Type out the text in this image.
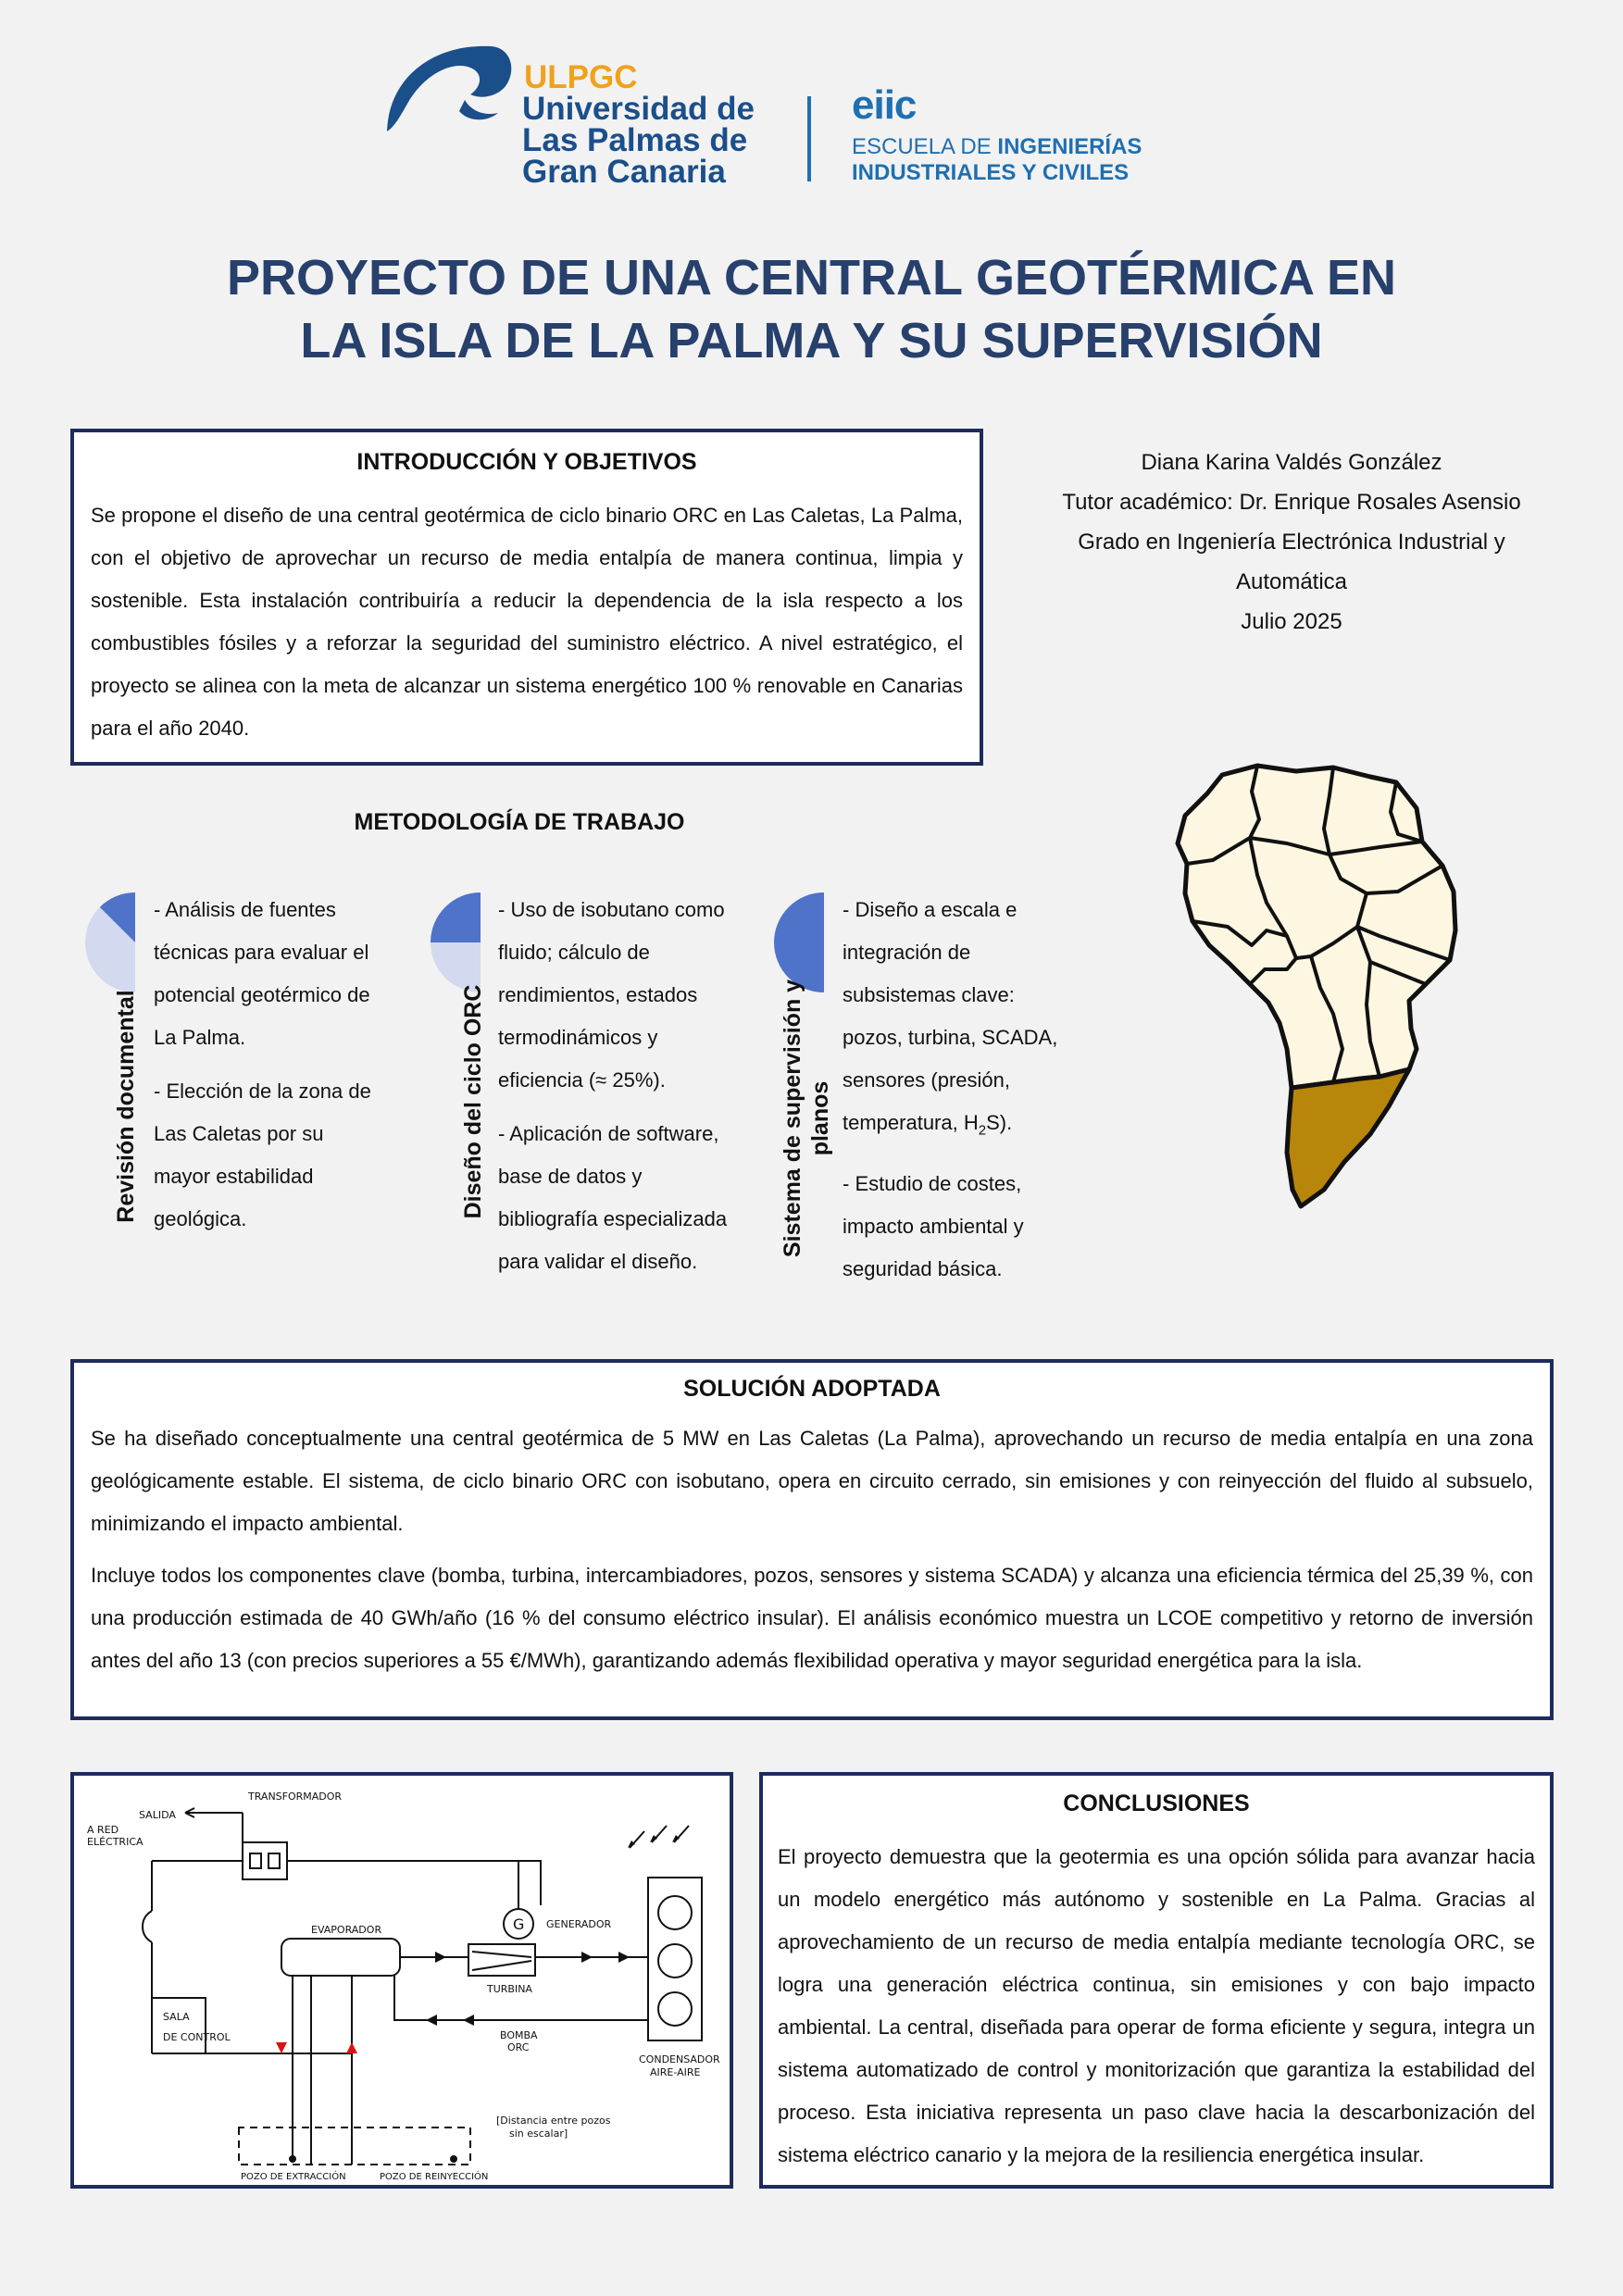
ULPGC
Universidad de
Las Palmas de
Gran Canaria
eiic
ESCUELA DE INGENIERÍAS
INDUSTRIALES Y CIVILES
PROYECTO DE UNA CENTRAL GEOTÉRMICA EN
LA ISLA DE LA PALMA Y SU SUPERVISIÓN
INTRODUCCIÓN Y OBJETIVOS
Se propone el diseño de una central geotérmica de ciclo binario ORC en Las Caletas, La Palma, con el objetivo de aprovechar un recurso de media entalpía de manera continua, limpia y sostenible. Esta instalación contribuiría a reducir la dependencia de la isla respecto a los combustibles fósiles y a reforzar la seguridad del suministro eléctrico. A nivel estratégico, el proyecto se alinea con la meta de alcanzar un sistema energético 100 % renovable en Canarias para el año 2040.
Diana Karina Valdés González
Tutor académico: Dr. Enrique Rosales Asensio
Grado en Ingeniería Electrónica Industrial y
Automática
Julio 2025
METODOLOGÍA DE TRABAJO
Revisión documental

- Análisis de fuentes técnicas para evaluar el potencial geotérmico de La Palma.

- Elección de la zona de Las Caletas por su mayor estabilidad geológica.

Diseño del ciclo ORC

- Uso de isobutano como fluido; cálculo de rendimientos, estados termodinámicos y eficiencia (≈ 25%).

- Aplicación de software, base de datos y bibliografía especializada para validar el diseño.

Sistema de supervisión y planos

- Diseño a escala e integración de subsistemas clave: pozos, turbina, SCADA, sensores (presión, temperatura, $H_2S$).

- Estudio de costes, impacto ambiental y seguridad básica.

SOLUCIÓN ADOPTADA
Se ha diseñado conceptualmente una central geotérmica de 5 MW en Las Caletas (La Palma), aprovechando un recurso de media entalpía en una zona geológicamente estable. El sistema, de ciclo binario ORC con isobutano, opera en circuito cerrado, sin emisiones y con reinyección del fluido al subsuelo, minimizando el impacto ambiental.
Incluye todos los componentes clave (bomba, turbina, intercambiadores, pozos, sensores y sistema SCADA) y alcanza una eficiencia térmica del 25,39 %, con una producción estimada de 40 GWh/año (16 % del consumo eléctrico insular). El análisis económico muestra un LCOE competitivo y retorno de inversión antes del año 13 (con precios superiores a 55 €/MWh), garantizando además flexibilidad operativa y mayor seguridad energética para la isla.
TRANSFORMADOR
SALIDA
A RED
ELÉCTRICA
G GENERADOR
EVAPORADOR
TURBINA
BOMBA
ORC
SALA
DE CONTROL
CONDENSADOR
AIRE-AIRE
[Distancia entre pozos
sin escalar]
POZO DE EXTRACCIÓN	POZO DE REINYECCIÓN
CONCLUSIONES
El proyecto demuestra que la geotermia es una opción sólida para avanzar hacia un modelo energético más autónomo y sostenible en La Palma. Gracias al aprovechamiento de un recurso de media entalpía mediante tecnología ORC, se logra una generación eléctrica continua, sin emisiones y con bajo impacto ambiental. La central, diseñada para operar de forma eficiente y segura, integra un sistema automatizado de control y monitorización que garantiza la estabilidad del proceso. Esta iniciativa representa un paso clave hacia la descarbonización del sistema eléctrico canario y la mejora de la resiliencia energética insular.
